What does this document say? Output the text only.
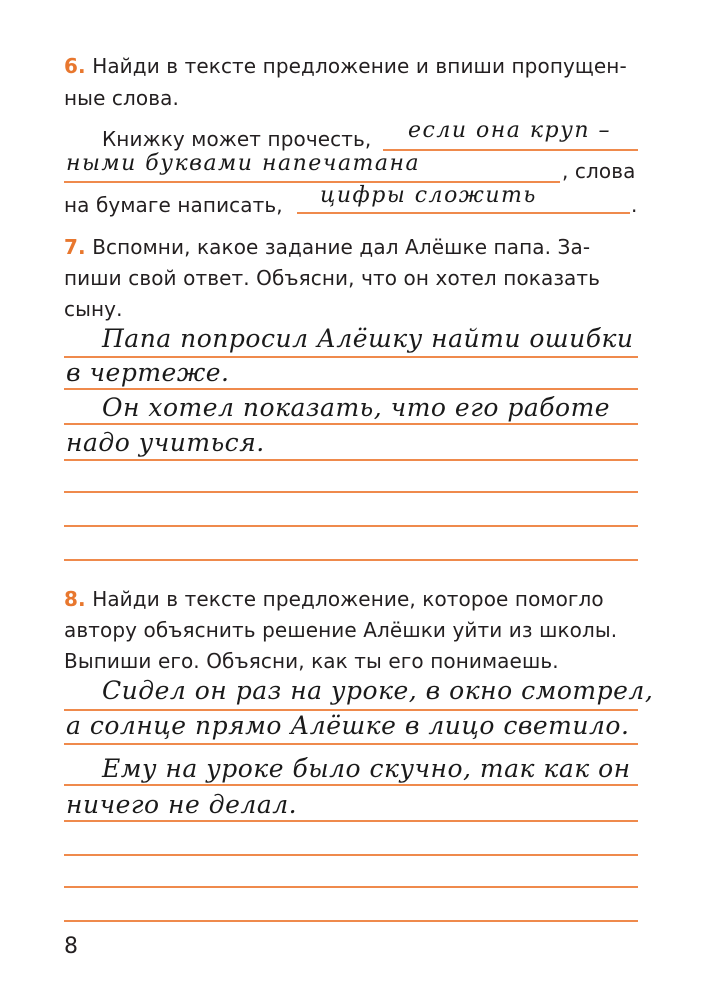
6. Найди в тексте предложение и впиши пропущен-
ные слова.
Книжку может прочесть, если она круп –
ными буквами напечатана	, слова
на бумаге написать, цифры сложить	.
7. Вспомни, какое задание дал Алёшке папа. За-
пиши свой ответ. Объясни, что он хотел показать
сыну.
Папа попросил Алёшку найти ошибки
в чертеже.
Он хотел показать, что его работе
надо учиться.
8. Найди в тексте предложение, которое помогло
автору объяснить решение Алёшки уйти из школы.
Выпиши его. Объясни, как ты его понимаешь.
Сидел он раз на уроке, в окно смотрел,
а солнце прямо Алёшке в лицо светило.
Ему на уроке было скучно, так как он
ничего не делал.
8
